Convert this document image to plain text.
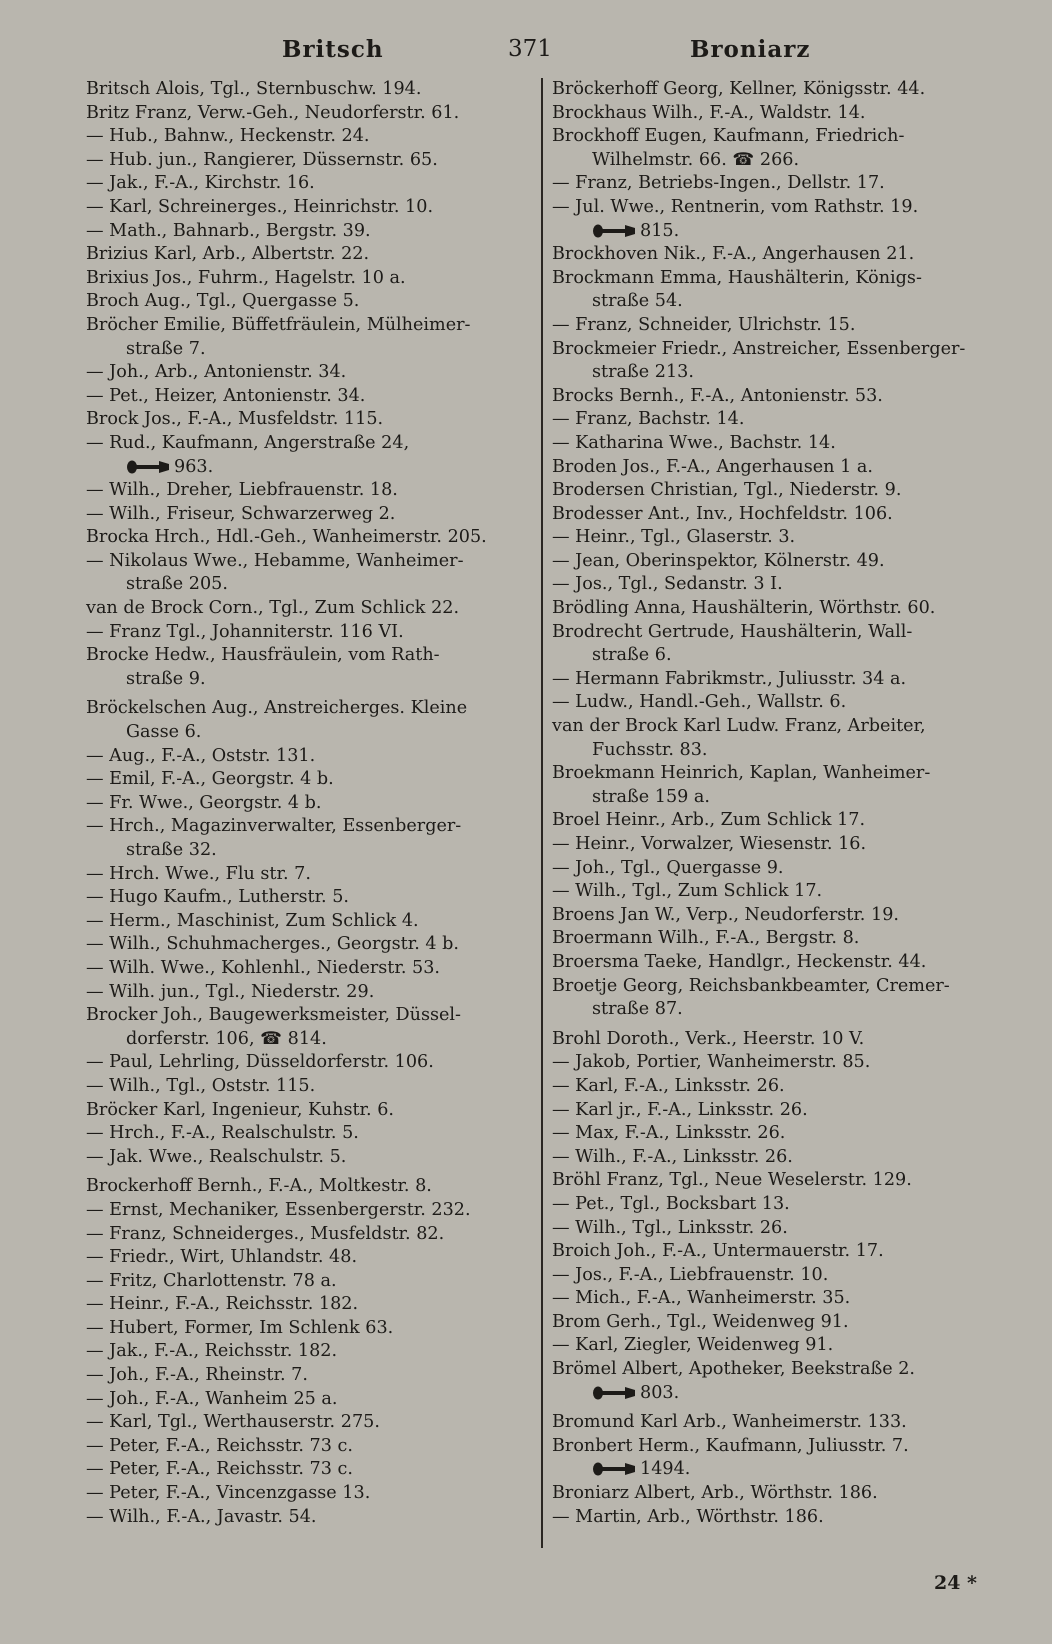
Britsch	371	Broniarz
Britsch Alois, Tgl., Sternbuschw. 194.
Britz Franz, Verw.-Geh., Neudorferstr. 61.
— Hub., Bahnw., Heckenstr. 24.
— Hub. jun., Rangierer, Düssernstr. 65.
— Jak., F.-A., Kirchstr. 16.
— Karl, Schreinerges., Heinrichstr. 10.
— Math., Bahnarb., Bergstr. 39.
Brizius Karl, Arb., Albertstr. 22.
Brixius Jos., Fuhrm., Hagelstr. 10 a.
Broch Aug., Tgl., Quergasse 5.
Bröcher Emilie, Büffetfräulein, Mülheimer-
straße 7.
— Joh., Arb., Antonienstr. 34.
— Pet., Heizer, Antonienstr. 34.
Brock Jos., F.-A., Musfeldstr. 115.
— Rud., Kaufmann, Angerstraße 24,
963.
— Wilh., Dreher, Liebfrauenstr. 18.
— Wilh., Friseur, Schwarzerweg 2.
Brocka Hrch., Hdl.-Geh., Wanheimerstr. 205.
— Nikolaus Wwe., Hebamme, Wanheimer-
straße 205.
van de Brock Corn., Tgl., Zum Schlick 22.
— Franz Tgl., Johanniterstr. 116 VI.
Brocke Hedw., Hausfräulein, vom Rath-
straße 9.
Bröckelschen Aug., Anstreicherges. Kleine
Gasse 6.
— Aug., F.-A., Oststr. 131.
— Emil, F.-A., Georgstr. 4 b.
— Fr. Wwe., Georgstr. 4 b.
— Hrch., Magazinverwalter, Essenberger-
straße 32.
— Hrch. Wwe., Flu str. 7.
— Hugo Kaufm., Lutherstr. 5.
— Herm., Maschinist, Zum Schlick 4.
— Wilh., Schuhmacherges., Georgstr. 4 b.
— Wilh. Wwe., Kohlenhl., Niederstr. 53.
— Wilh. jun., Tgl., Niederstr. 29.
Brocker Joh., Baugewerksmeister, Düssel-
dorferstr. 106, ☎ 814.
— Paul, Lehrling, Düsseldorferstr. 106.
— Wilh., Tgl., Oststr. 115.
Bröcker Karl, Ingenieur, Kuhstr. 6.
— Hrch., F.-A., Realschulstr. 5.
— Jak. Wwe., Realschulstr. 5.
Brockerhoff Bernh., F.-A., Moltkestr. 8.
— Ernst, Mechaniker, Essenbergerstr. 232.
— Franz, Schneiderges., Musfeldstr. 82.
— Friedr., Wirt, Uhlandstr. 48.
— Fritz, Charlottenstr. 78 a.
— Heinr., F.-A., Reichsstr. 182.
— Hubert, Former, Im Schlenk 63.
— Jak., F.-A., Reichsstr. 182.
— Joh., F.-A., Rheinstr. 7.
— Joh., F.-A., Wanheim 25 a.
— Karl, Tgl., Werthauserstr. 275.
— Peter, F.-A., Reichsstr. 73 c.
— Peter, F.-A., Reichsstr. 73 c.
— Peter, F.-A., Vincenzgasse 13.
— Wilh., F.-A., Javastr. 54.
Bröckerhoff Georg, Kellner, Königsstr. 44.
Brockhaus Wilh., F.-A., Waldstr. 14.
Brockhoff Eugen, Kaufmann, Friedrich-
Wilhelmstr. 66. ☎ 266.
— Franz, Betriebs-Ingen., Dellstr. 17.
— Jul. Wwe., Rentnerin, vom Rathstr. 19.
815.
Brockhoven Nik., F.-A., Angerhausen 21.
Brockmann Emma, Haushälterin, Königs-
straße 54.
— Franz, Schneider, Ulrichstr. 15.
Brockmeier Friedr., Anstreicher, Essenberger-
straße 213.
Brocks Bernh., F.-A., Antonienstr. 53.
— Franz, Bachstr. 14.
— Katharina Wwe., Bachstr. 14.
Broden Jos., F.-A., Angerhausen 1 a.
Brodersen Christian, Tgl., Niederstr. 9.
Brodesser Ant., Inv., Hochfeldstr. 106.
— Heinr., Tgl., Glaserstr. 3.
— Jean, Oberinspektor, Kölnerstr. 49.
— Jos., Tgl., Sedanstr. 3 I.
Brödling Anna, Haushälterin, Wörthstr. 60.
Brodrecht Gertrude, Haushälterin, Wall-
straße 6.
— Hermann Fabrikmstr., Juliusstr. 34 a.
— Ludw., Handl.-Geh., Wallstr. 6.
van der Brock Karl Ludw. Franz, Arbeiter,
Fuchsstr. 83.
Broekmann Heinrich, Kaplan, Wanheimer-
straße 159 a.
Broel Heinr., Arb., Zum Schlick 17.
— Heinr., Vorwalzer, Wiesenstr. 16.
— Joh., Tgl., Quergasse 9.
— Wilh., Tgl., Zum Schlick 17.
Broens Jan W., Verp., Neudorferstr. 19.
Broermann Wilh., F.-A., Bergstr. 8.
Broersma Taeke, Handlgr., Heckenstr. 44.
Broetje Georg, Reichsbankbeamter, Cremer-
straße 87.
Brohl Doroth., Verk., Heerstr. 10 V.
— Jakob, Portier, Wanheimerstr. 85.
— Karl, F.-A., Linksstr. 26.
— Karl jr., F.-A., Linksstr. 26.
— Max, F.-A., Linksstr. 26.
— Wilh., F.-A., Linksstr. 26.
Bröhl Franz, Tgl., Neue Weselerstr. 129.
— Pet., Tgl., Bocksbart 13.
— Wilh., Tgl., Linksstr. 26.
Broich Joh., F.-A., Untermauerstr. 17.
— Jos., F.-A., Liebfrauenstr. 10.
— Mich., F.-A., Wanheimerstr. 35.
Brom Gerh., Tgl., Weidenweg 91.
— Karl, Ziegler, Weidenweg 91.
Brömel Albert, Apotheker, Beekstraße 2.
803.
Bromund Karl Arb., Wanheimerstr. 133.
Bronbert Herm., Kaufmann, Juliusstr. 7.
1494.
Broniarz Albert, Arb., Wörthstr. 186.
— Martin, Arb., Wörthstr. 186.
24 *
